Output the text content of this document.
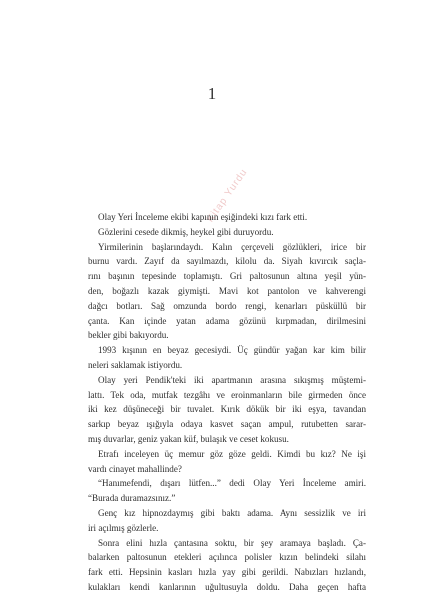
1
Kitap Yurdu
Olay Yeri İnceleme ekibi kapının eşiğindeki kızı fark etti.
Gözlerini cesede dikmiş, heykel gibi duruyordu.
Yirmilerinin başlarındaydı. Kalın çerçeveli gözlükleri, irice bir
burnu vardı. Zayıf da sayılmazdı, kilolu da. Siyah kıvırcık saçla-
rını başının tepesinde toplamıştı. Gri paltosunun altına yeşil yün-
den, boğazlı kazak giymişti. Mavi kot pantolon ve kahverengi
dağcı botları. Sağ omzunda bordo rengi, kenarları püsküllü bir
çanta. Kan içinde yatan adama gözünü kırpmadan, dirilmesini
bekler gibi bakıyordu.
1993 kışının en beyaz gecesiydi. Üç gündür yağan kar kim bilir
neleri saklamak istiyordu.
Olay yeri Pendik'teki iki apartmanın arasına sıkışmış müştemi-
lattı. Tek oda, mutfak tezgâhı ve eroinmanların bile girmeden önce
iki kez düşüneceği bir tuvalet. Kırık dökük bir iki eşya, tavandan
sarkıp beyaz ışığıyla odaya kasvet saçan ampul, rutubetten sarar-
mış duvarlar, geniz yakan küf, bulaşık ve ceset kokusu.
Etrafı inceleyen üç memur göz göze geldi. Kimdi bu kız? Ne işi
vardı cinayet mahallinde?
“Hanımefendi, dışarı lütfen...” dedi Olay Yeri İnceleme amiri.
“Burada duramazsınız.”
Genç kız hipnozdaymış gibi baktı adama. Aynı sessizlik ve iri
iri açılmış gözlerle.
Sonra elini hızla çantasına soktu, bir şey aramaya başladı. Ça-
balarken paltosunun etekleri açılınca polisler kızın belindeki silahı
fark etti. Hepsinin kasları hızla yay gibi gerildi. Nabızları hızlandı,
kulakları kendi kanlarının uğultusuyla doldu. Daha geçen hafta
